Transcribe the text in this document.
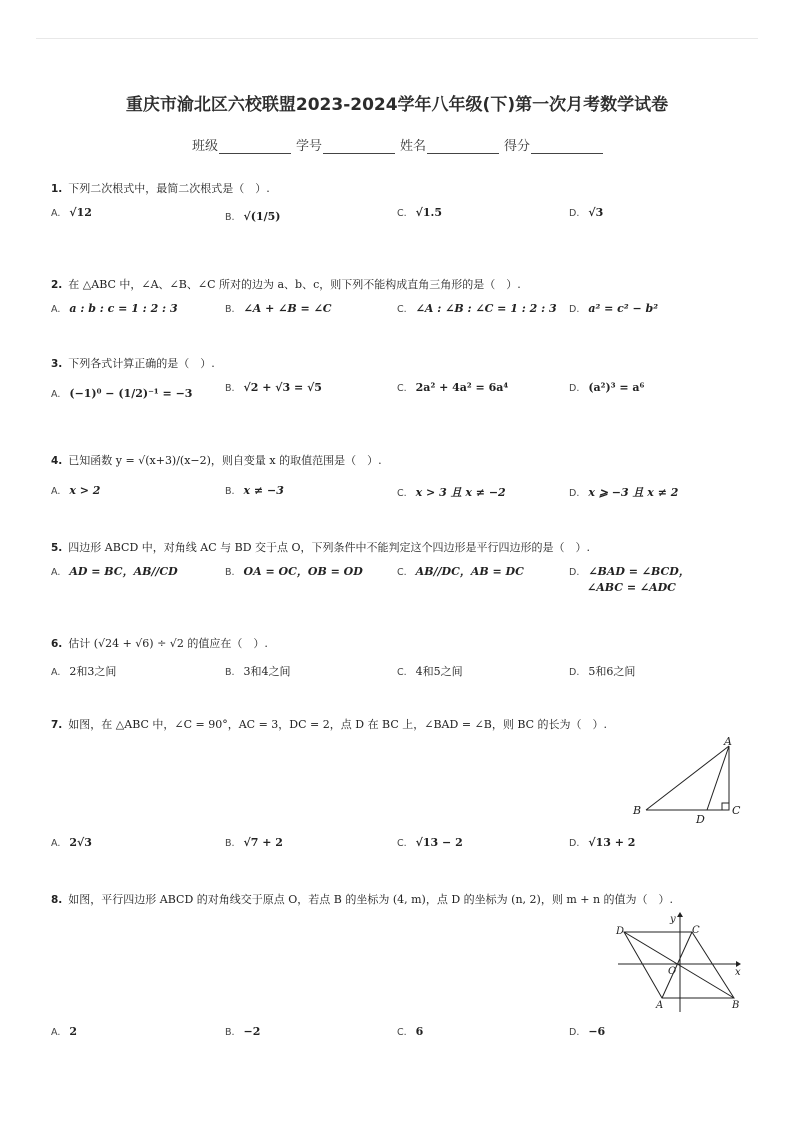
重庆市渝北区六校联盟2023-2024学年八年级(下)第一次月考数学试卷
班级	学号	姓名	得分
1. 下列二次根式中，最简二次根式是（　）.
A. √12	B. √(1/5)	C. √1.5	D. √3
2. 在 △ABC 中，∠A、∠B、∠C 所对的边为 a、b、c，则下列不能构成直角三角形的是（　）.
A. a : b : c = 1 : 2 : 3	B. ∠A + ∠B = ∠C	C. ∠A : ∠B : ∠C = 1 : 2 : 3 D. a² = c² − b²
3. 下列各式计算正确的是（　）.
A. (−1)⁰ − (1/2)⁻¹ = −3	B. √2 + √3 = √5	C. 2a² + 4a² = 6a⁴	D. (a²)³ = a⁶
4. 已知函数 y = √(x+3)/(x−2)，则自变量 x 的取值范围是（　）.
A. x > 2	B. x ≠ −3	C. x > 3 且 x ≠ −2	D. x ⩾ −3 且 x ≠ 2
5. 四边形 ABCD 中，对角线 AC 与 BD 交于点 O，下列条件中不能判定这个四边形是平行四边形的是（　）.
A. AD = BC，AB//CD	B. OA = OC，OB = OD	C. AB//DC，AB = DC	D. ∠BAD = ∠BCD，
∠ABC = ∠ADC
6. 估计 (√24 + √6) ÷ √2 的值应在（　）.
A. 2和3之间	B. 3和4之间	C. 4和5之间	D. 5和6之间
7. 如图，在 △ABC 中，∠C = 90°，AC = 3，DC = 2，点 D 在 BC 上，∠BAD = ∠B，则 BC 的长为（　）.
A. 2√3	B. √7 + 2	C. √13 − 2	D. √13 + 2
A
B	C
D
8. 如图，平行四边形 ABCD 的对角线交于原点 O，若点 B 的坐标为 (4, m)，点 D 的坐标为 (n, 2)，则 m + n 的值为（　）.
A. 2	B. −2	C. 6	D. −6
D	C
O
A	B
x
y
